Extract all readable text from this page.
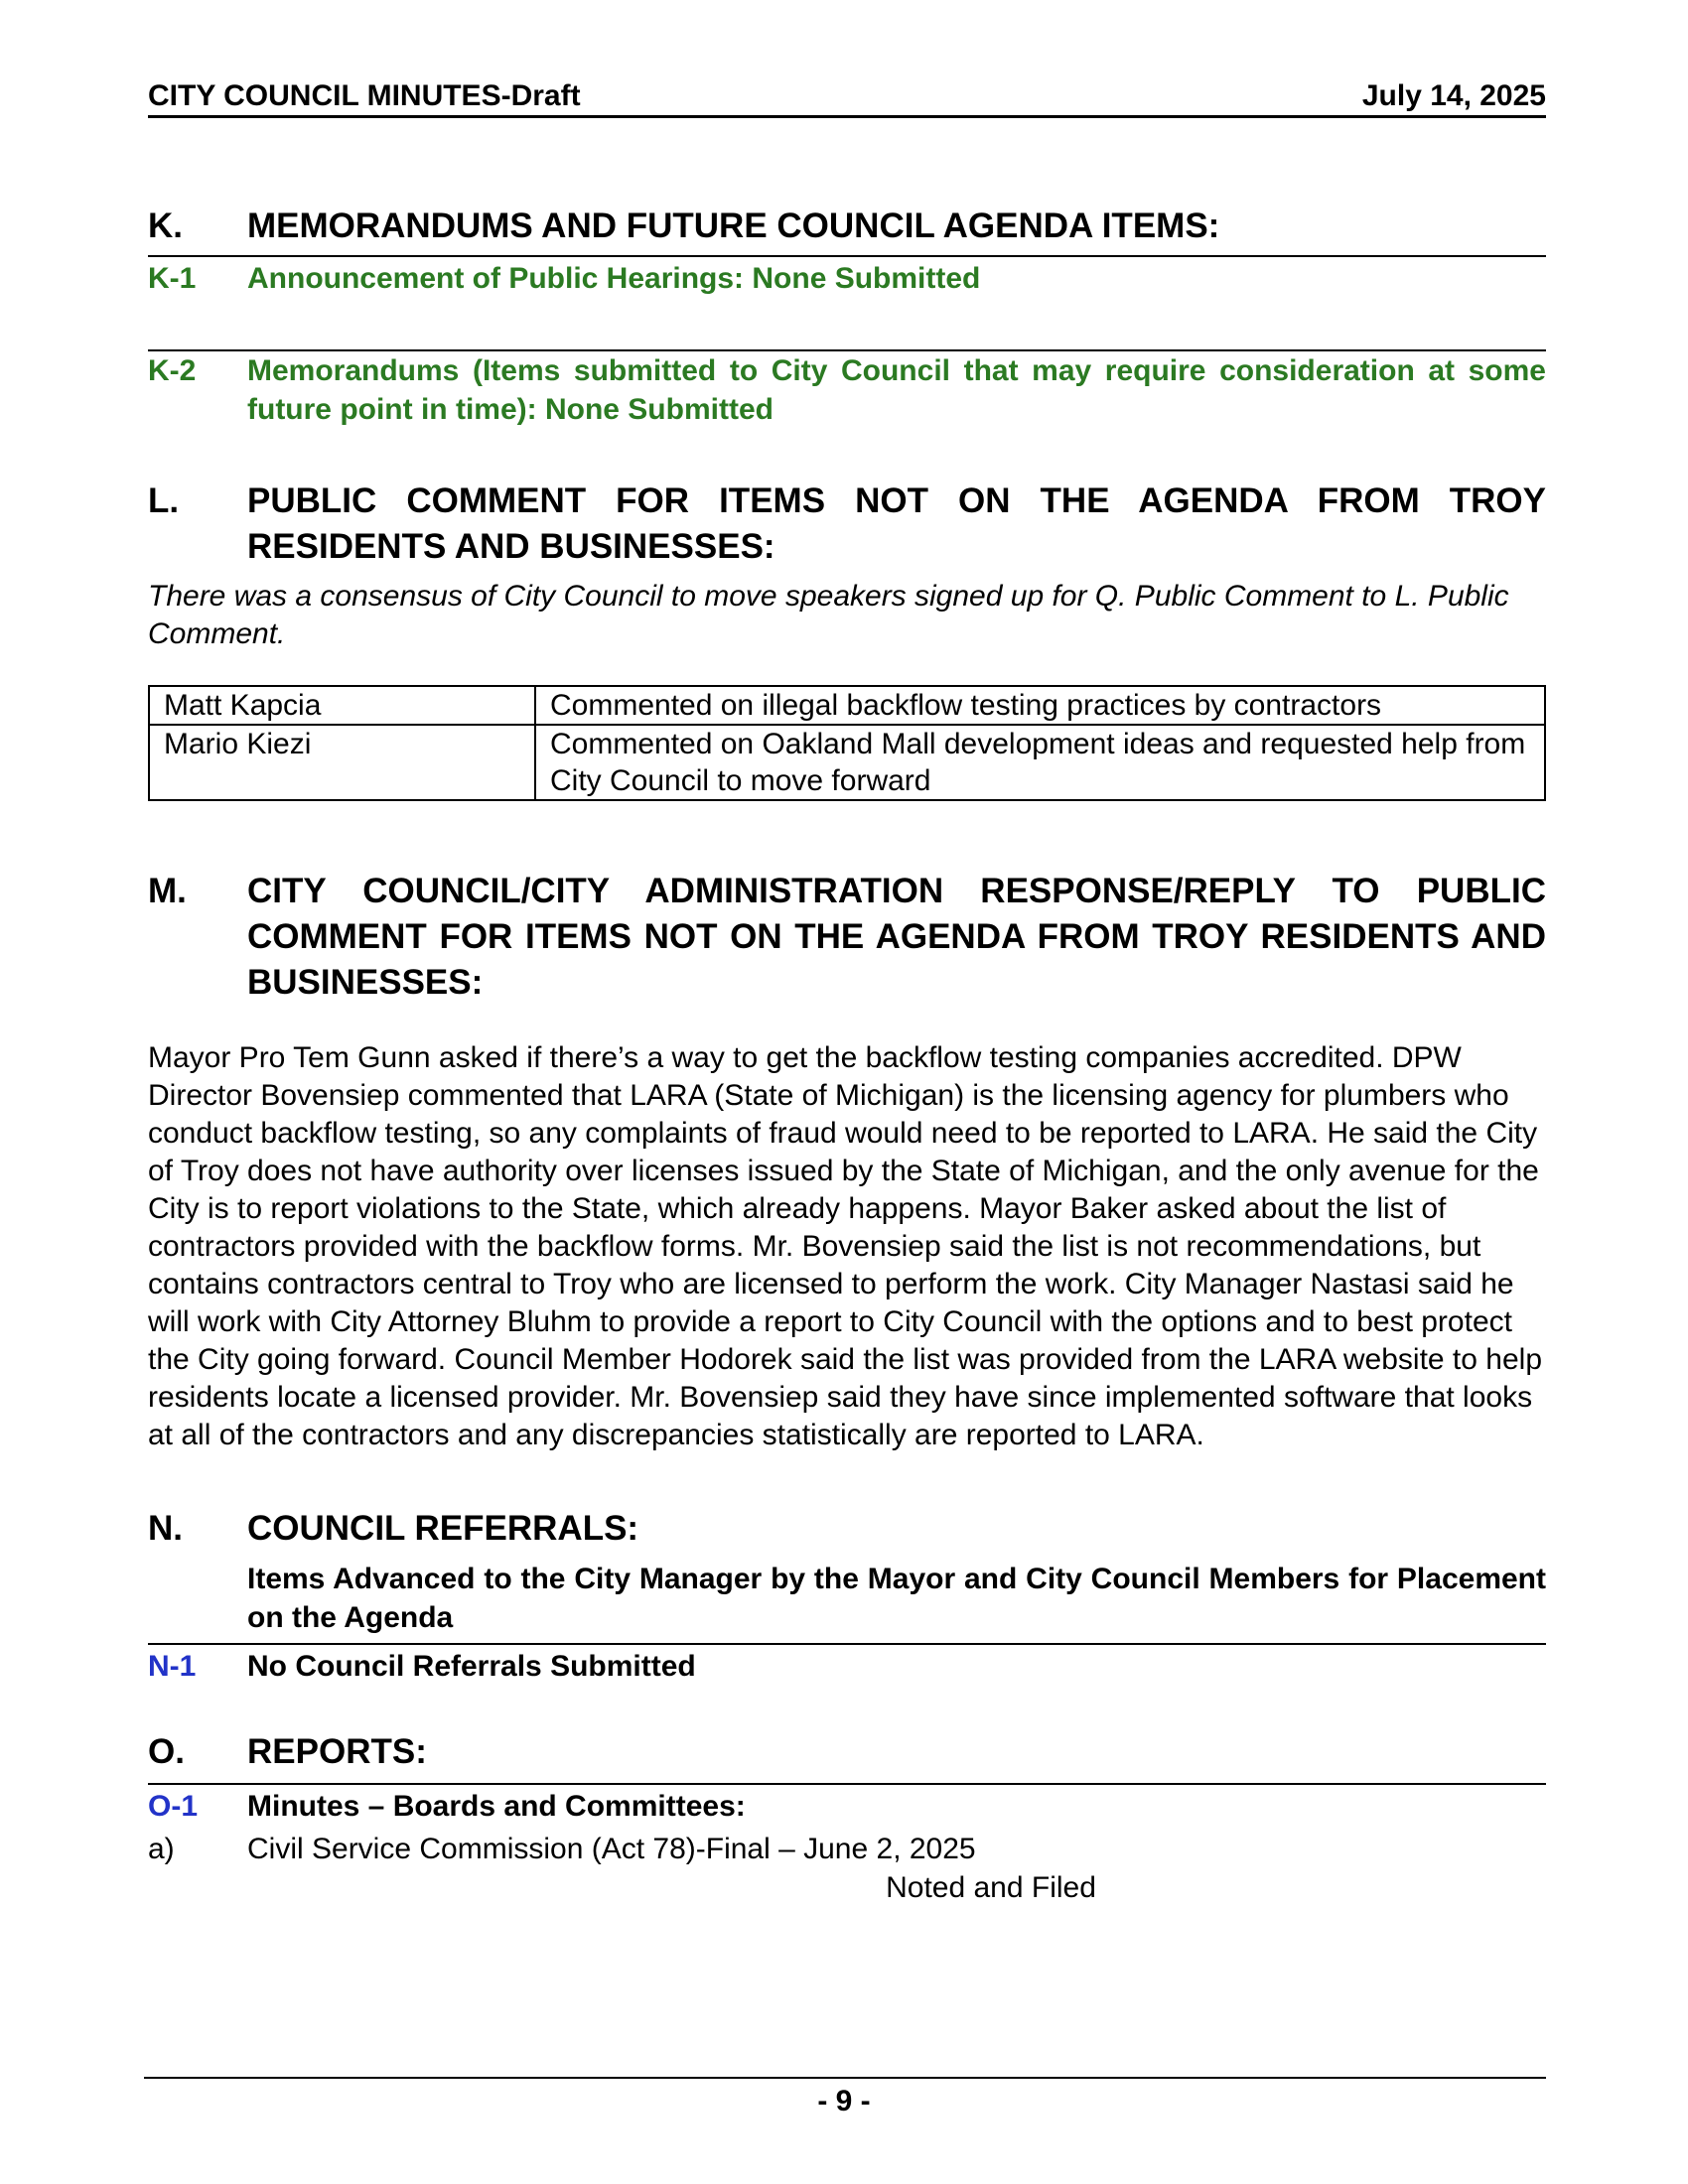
CITY COUNCIL MINUTES-Draft	July 14, 2025
K.	MEMORANDUMS AND FUTURE COUNCIL AGENDA ITEMS:
K-1	Announcement of Public Hearings: None Submitted
K-2	Memorandums (Items submitted to City Council that may require consideration at some future point in time): None Submitted
L.	PUBLIC COMMENT FOR ITEMS NOT ON THE AGENDA FROM TROY RESIDENTS AND BUSINESSES:
There was a consensus of City Council to move speakers signed up for Q. Public Comment to L. Public Comment.
Matt Kapcia	Commented on illegal backflow testing practices by contractors
Mario Kiezi	Commented on Oakland Mall development ideas and requested help from City Council to move forward
M.	CITY COUNCIL/CITY ADMINISTRATION RESPONSE/REPLY TO PUBLIC COMMENT FOR ITEMS NOT ON THE AGENDA FROM TROY RESIDENTS AND BUSINESSES:
Mayor Pro Tem Gunn asked if there’s a way to get the backflow testing companies accredited. DPW Director Bovensiep commented that LARA (State of Michigan) is the licensing agency for plumbers who conduct backflow testing, so any complaints of fraud would need to be reported to LARA. He said the City of Troy does not have authority over licenses issued by the State of Michigan, and the only avenue for the City is to report violations to the State, which already happens. Mayor Baker asked about the list of contractors provided with the backflow forms. Mr. Bovensiep said the list is not recommendations, but contains contractors central to Troy who are licensed to perform the work. City Manager Nastasi said he will work with City Attorney Bluhm to provide a report to City Council with the options and to best protect the City going forward. Council Member Hodorek said the list was provided from the LARA website to help residents locate a licensed provider. Mr. Bovensiep said they have since implemented software that looks at all of the contractors and any discrepancies statistically are reported to LARA.
N.	COUNCIL REFERRALS:
Items Advanced to the City Manager by the Mayor and City Council Members for Placement on the Agenda
N-1	No Council Referrals Submitted
O.	REPORTS:
O-1	Minutes – Boards and Committees:
a)	Civil Service Commission (Act 78)-Final – June 2, 2025
Noted and Filed
- 9 -
